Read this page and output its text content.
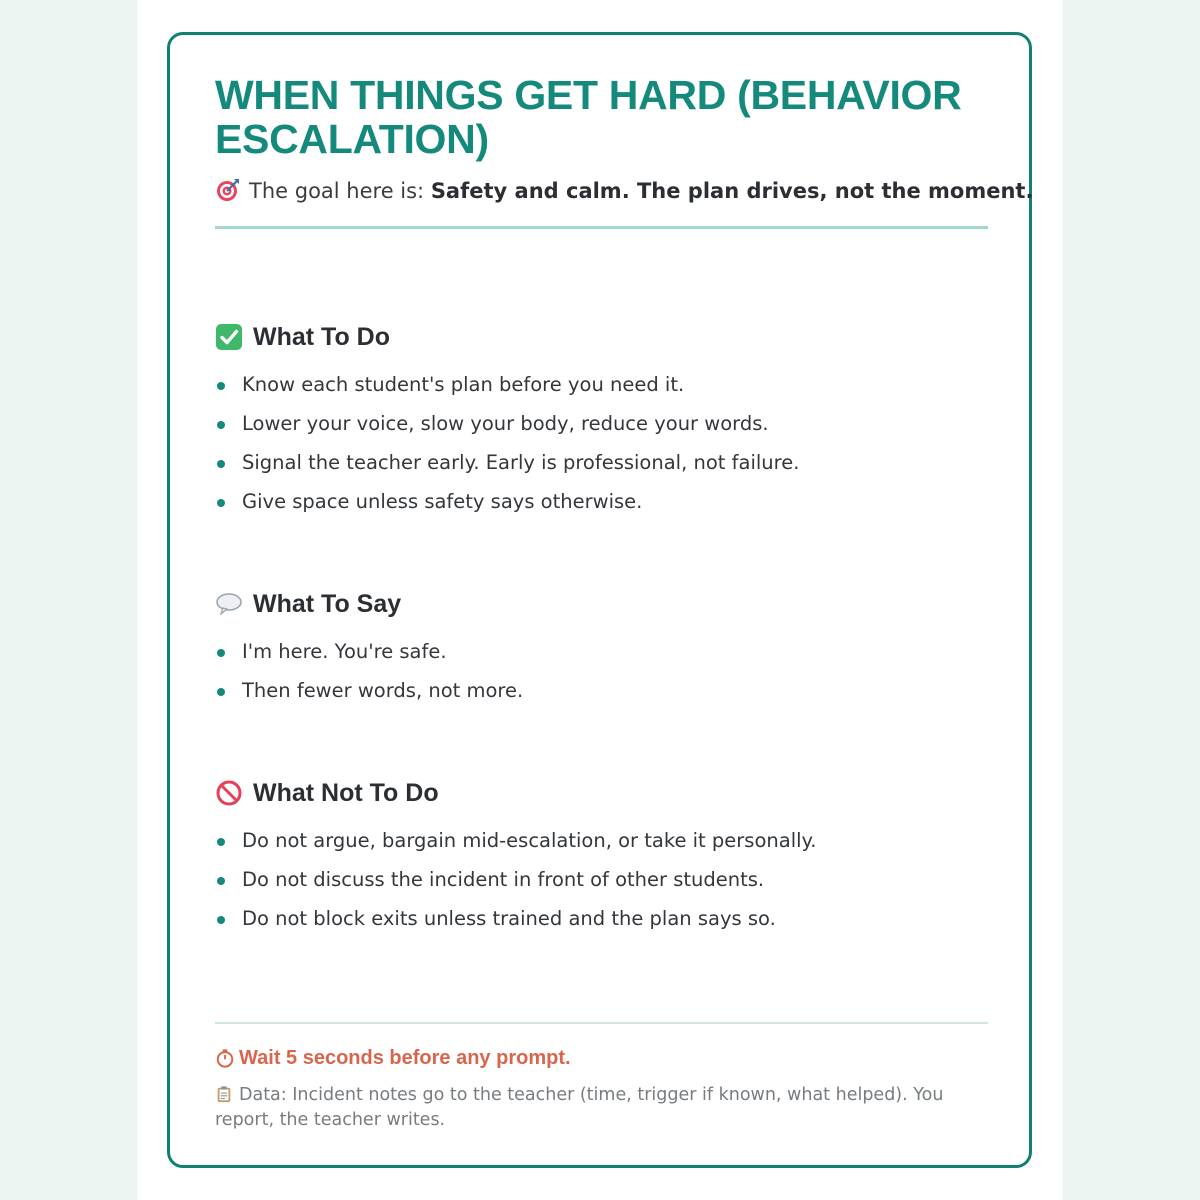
WHEN THINGS GET HARD (BEHAVIOR ESCALATION)

The goal here is: Safety and calm. The plan drives, not the moment.

What To Do
Know each student's plan before you need it.
Lower your voice, slow your body, reduce your words.
Signal the teacher early. Early is professional, not failure.
Give space unless safety says otherwise.
What To Say
I'm here. You're safe.
Then fewer words, not more.
What Not To Do
Do not argue, bargain mid-escalation, or take it personally.
Do not discuss the incident in front of other students.
Do not block exits unless trained and the plan says so.

Wait 5 seconds before any prompt.

Data: Incident notes go to the teacher (time, trigger if known, what helped). You report, the teacher writes.
